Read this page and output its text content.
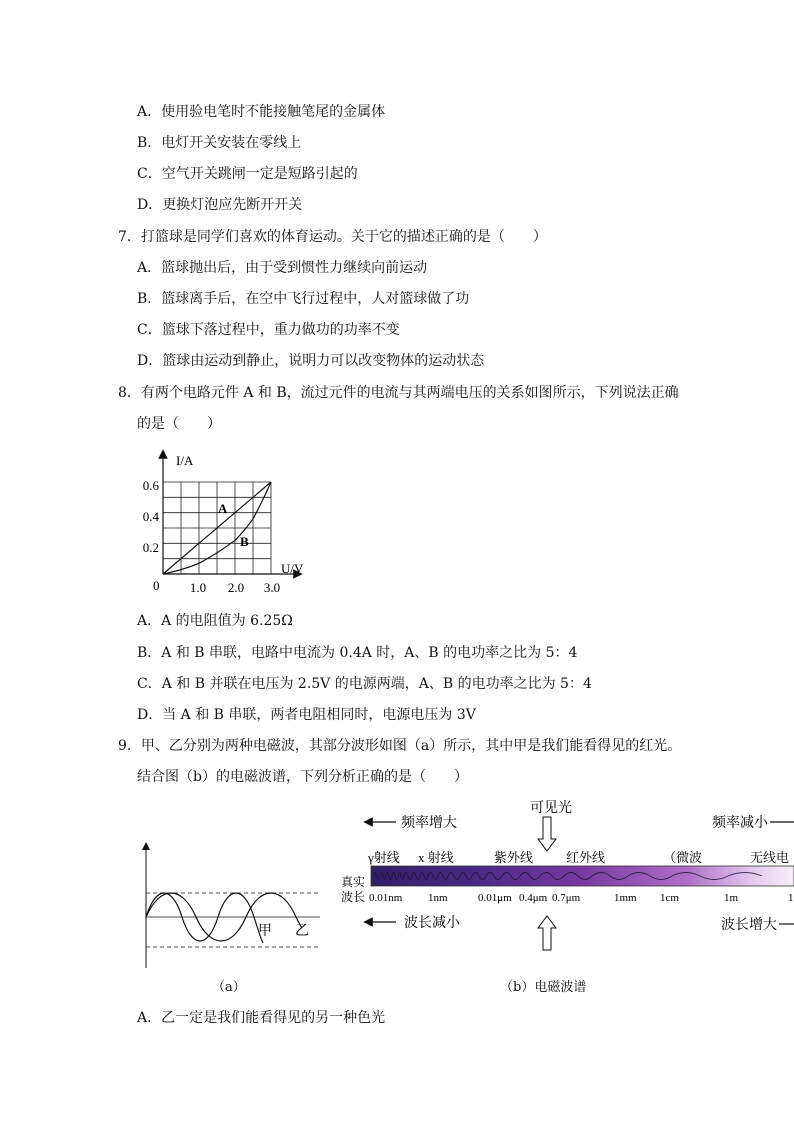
A．使用验电笔时不能接触笔尾的金属体
B．电灯开关安装在零线上
C．空气开关跳闸一定是短路引起的
D．更换灯泡应先断开开关
7．打篮球是同学们喜欢的体育运动。关于它的描述正确的是（　　）
A．篮球抛出后，由于受到惯性力继续向前运动
B．篮球离手后，在空中飞行过程中，人对篮球做了功
C．篮球下落过程中，重力做功的功率不变
D．篮球由运动到静止，说明力可以改变物体的运动状态
8．有两个电路元件 A 和 B，流过元件的电流与其两端电压的关系如图所示，下列说法正确
的是（　　）
I/A
U/V
0
0.2
0.4
0.6
1.0 2.0 3.0
A
B
A．A 的电阻值为 6.25Ω
B．A 和 B 串联，电路中电流为 0.4A 时，A、B 的电功率之比为 5：4
C．A 和 B 并联在电压为 2.5V 的电源两端，A、B 的电功率之比为 5：4
D．当 A 和 B 串联，两者电阻相同时，电源电压为 3V
9．甲、乙分别为两种电磁波，其部分波形如图（a）所示，其中甲是我们能看得见的红光。
结合图（b）的电磁波谱，下列分析正确的是（　　）
甲 乙
（a）
可见光
频率增大	频率减小
γ射线 x 射线	紫外线	红外线	（微波	无线电
真实
波长 0.01nm 1nm	0.01μm 0.4μm 0.7μm	1mm 1cm	1m	1
波长减小	波长增大
（b）电磁波谱
A．乙一定是我们能看得见的另一种色光
